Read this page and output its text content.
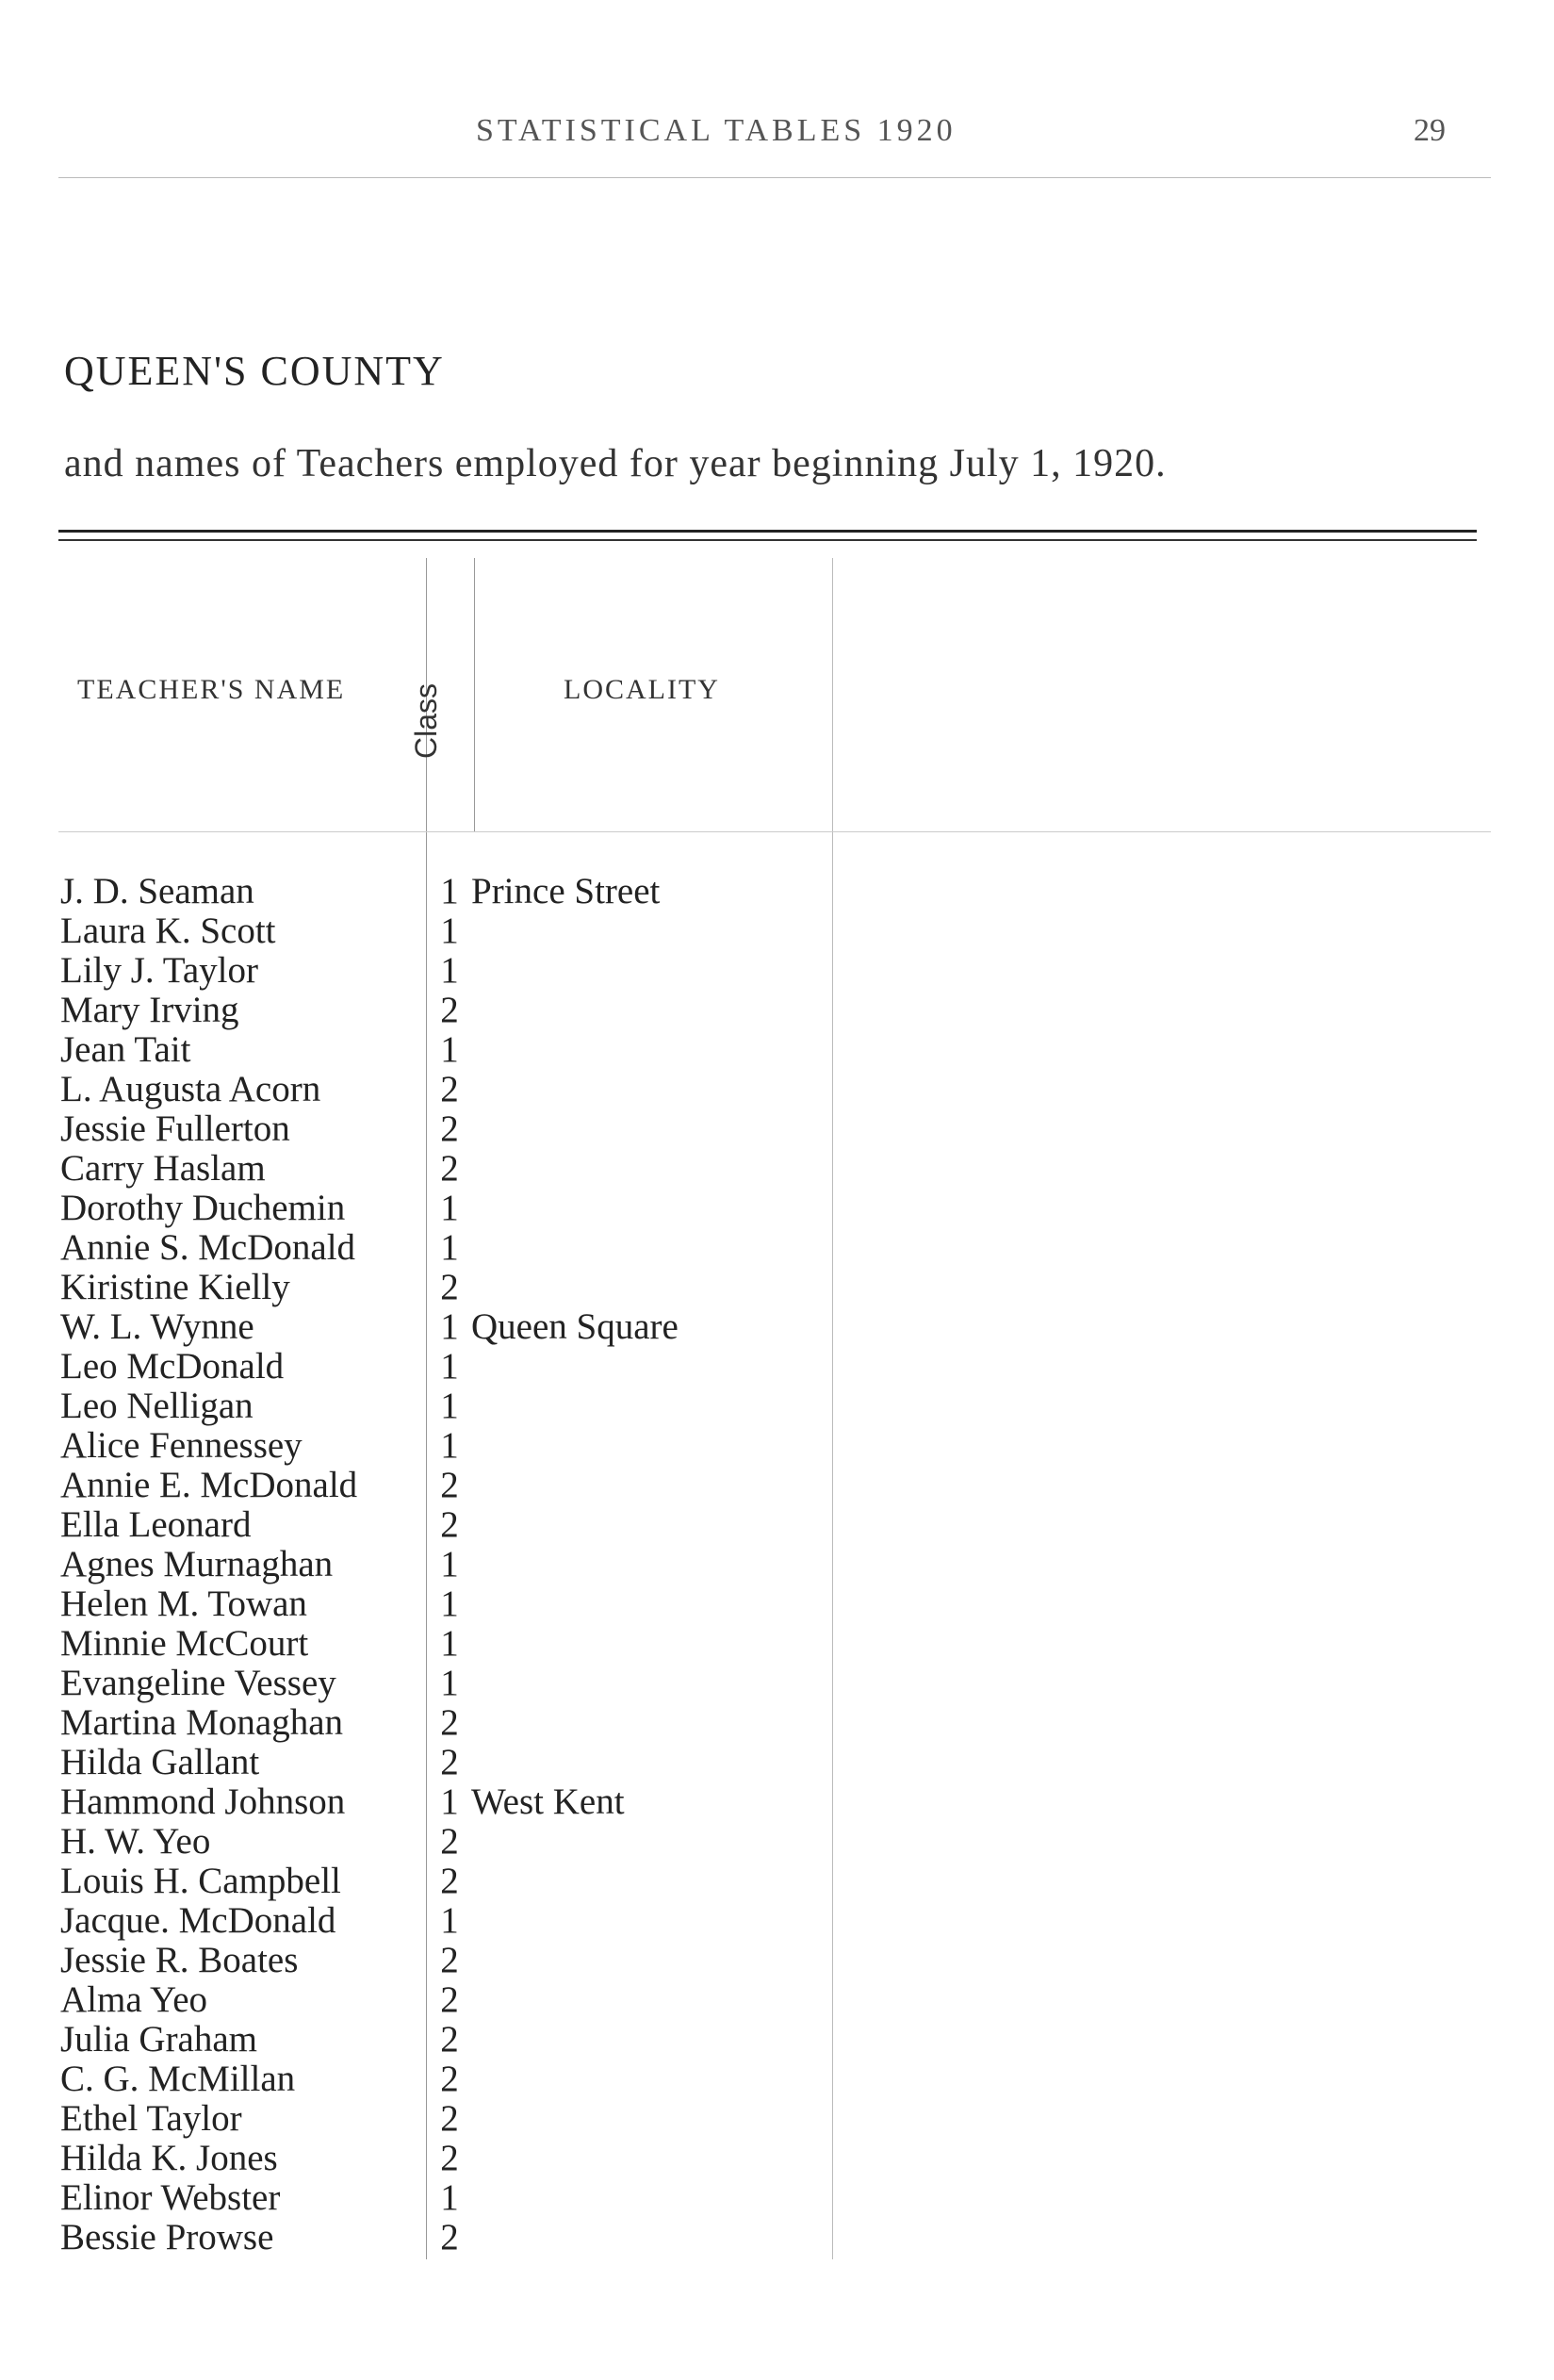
STATISTICAL TABLES 1920	29
QUEEN'S COUNTY
and names of Teachers employed for year beginning July 1, 1920.
TEACHER'S NAME Class	LOCALITY
J. D. Seaman	1 Prince Street
Laura K. Scott	1
Lily J. Taylor	1
Mary Irving	2
Jean Tait	1
L. Augusta Acorn	2
Jessie Fullerton	2
Carry Haslam	2
Dorothy Duchemin	1
Annie S. McDonald 1
Kiristine Kielly	2
W. L. Wynne	1 Queen Square
Leo McDonald	1
Leo Nelligan	1
Alice Fennessey	1
Annie E. McDonald 2
Ella Leonard	2
Agnes Murnaghan	1
Helen M. Towan	1
Minnie McCourt	1
Evangeline Vessey	1
Martina Monaghan	2
Hilda Gallant	2
Hammond Johnson	1 West Kent
H. W. Yeo	2
Louis H. Campbell	2
Jacque. McDonald	1
Jessie R. Boates	2
Alma Yeo	2
Julia Graham	2
C. G. McMillan	2
Ethel Taylor	2
Hilda K. Jones	2
Elinor Webster	1
Bessie Prowse	2
